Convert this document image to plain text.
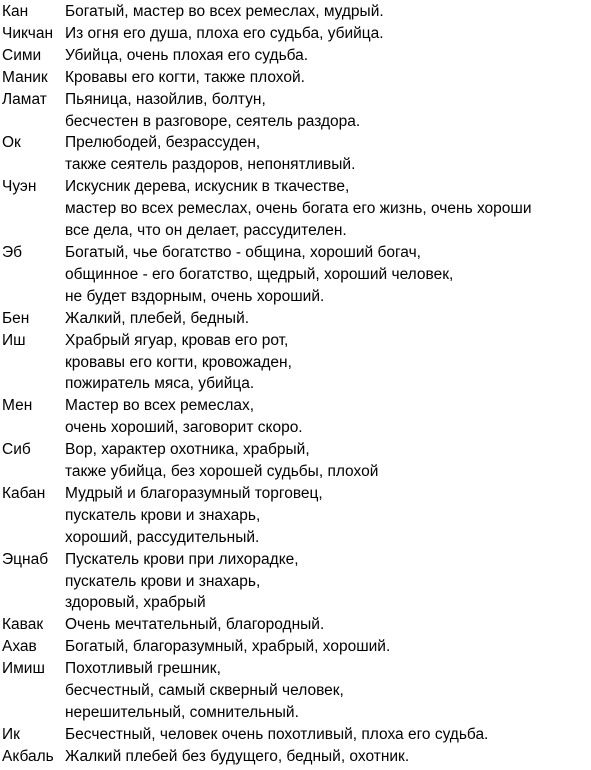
Кан	Богатый, мастер во всех ремеслах, мудрый.
Чикчан Из огня его душа, плоха его судьба, убийца.
Сими	Убийца, очень плохая его судьба.
Маник	Кровавы его когти, также плохой.
Ламат	Пьяница, назойлив, болтун,
бесчестен в разговоре, сеятель раздора.
Ок	Прелюбодей, безрассуден,
также сеятель раздоров, непонятливый.
Чуэн	Искусник дерева, искусник в ткачестве,
мастер во всех ремеслах, очень богата его жизнь, очень хороши
все дела, что он делает, рассудителен.
Эб	Богатый, чье богатство - община, хороший богач,
общинное - его богатство, щедрый, хороший человек,
не будет вздорным, очень хороший.
Бен	Жалкий, плебей, бедный.
Иш	Храбрый ягуар, кровав его рот,
кровавы его когти, кровожаден,
пожиратель мяса, убийца.
Мен	Мастер во всех ремеслах,
очень хороший, заговорит скоро.
Сиб	Вор, характер охотника, храбрый,
также убийца, без хорошей судьбы, плохой
Кабан	Мудрый и благоразумный торговец,
пускатель крови и знахарь,
хороший, рассудительный.
Эцнаб	Пускатель крови при лихорадке,
пускатель крови и знахарь,
здоровый, храбрый
Кавак	Очень мечтательный, благородный.
Ахав	Богатый, благоразумный, храбрый, хороший.
Имиш	Похотливый грешник,
бесчестный, самый скверный человек,
нерешительный, сомнительный.
Ик	Бесчестный, человек очень похотливый, плоха его судьба.
Акбаль Жалкий плебей без будущего, бедный, охотник.
